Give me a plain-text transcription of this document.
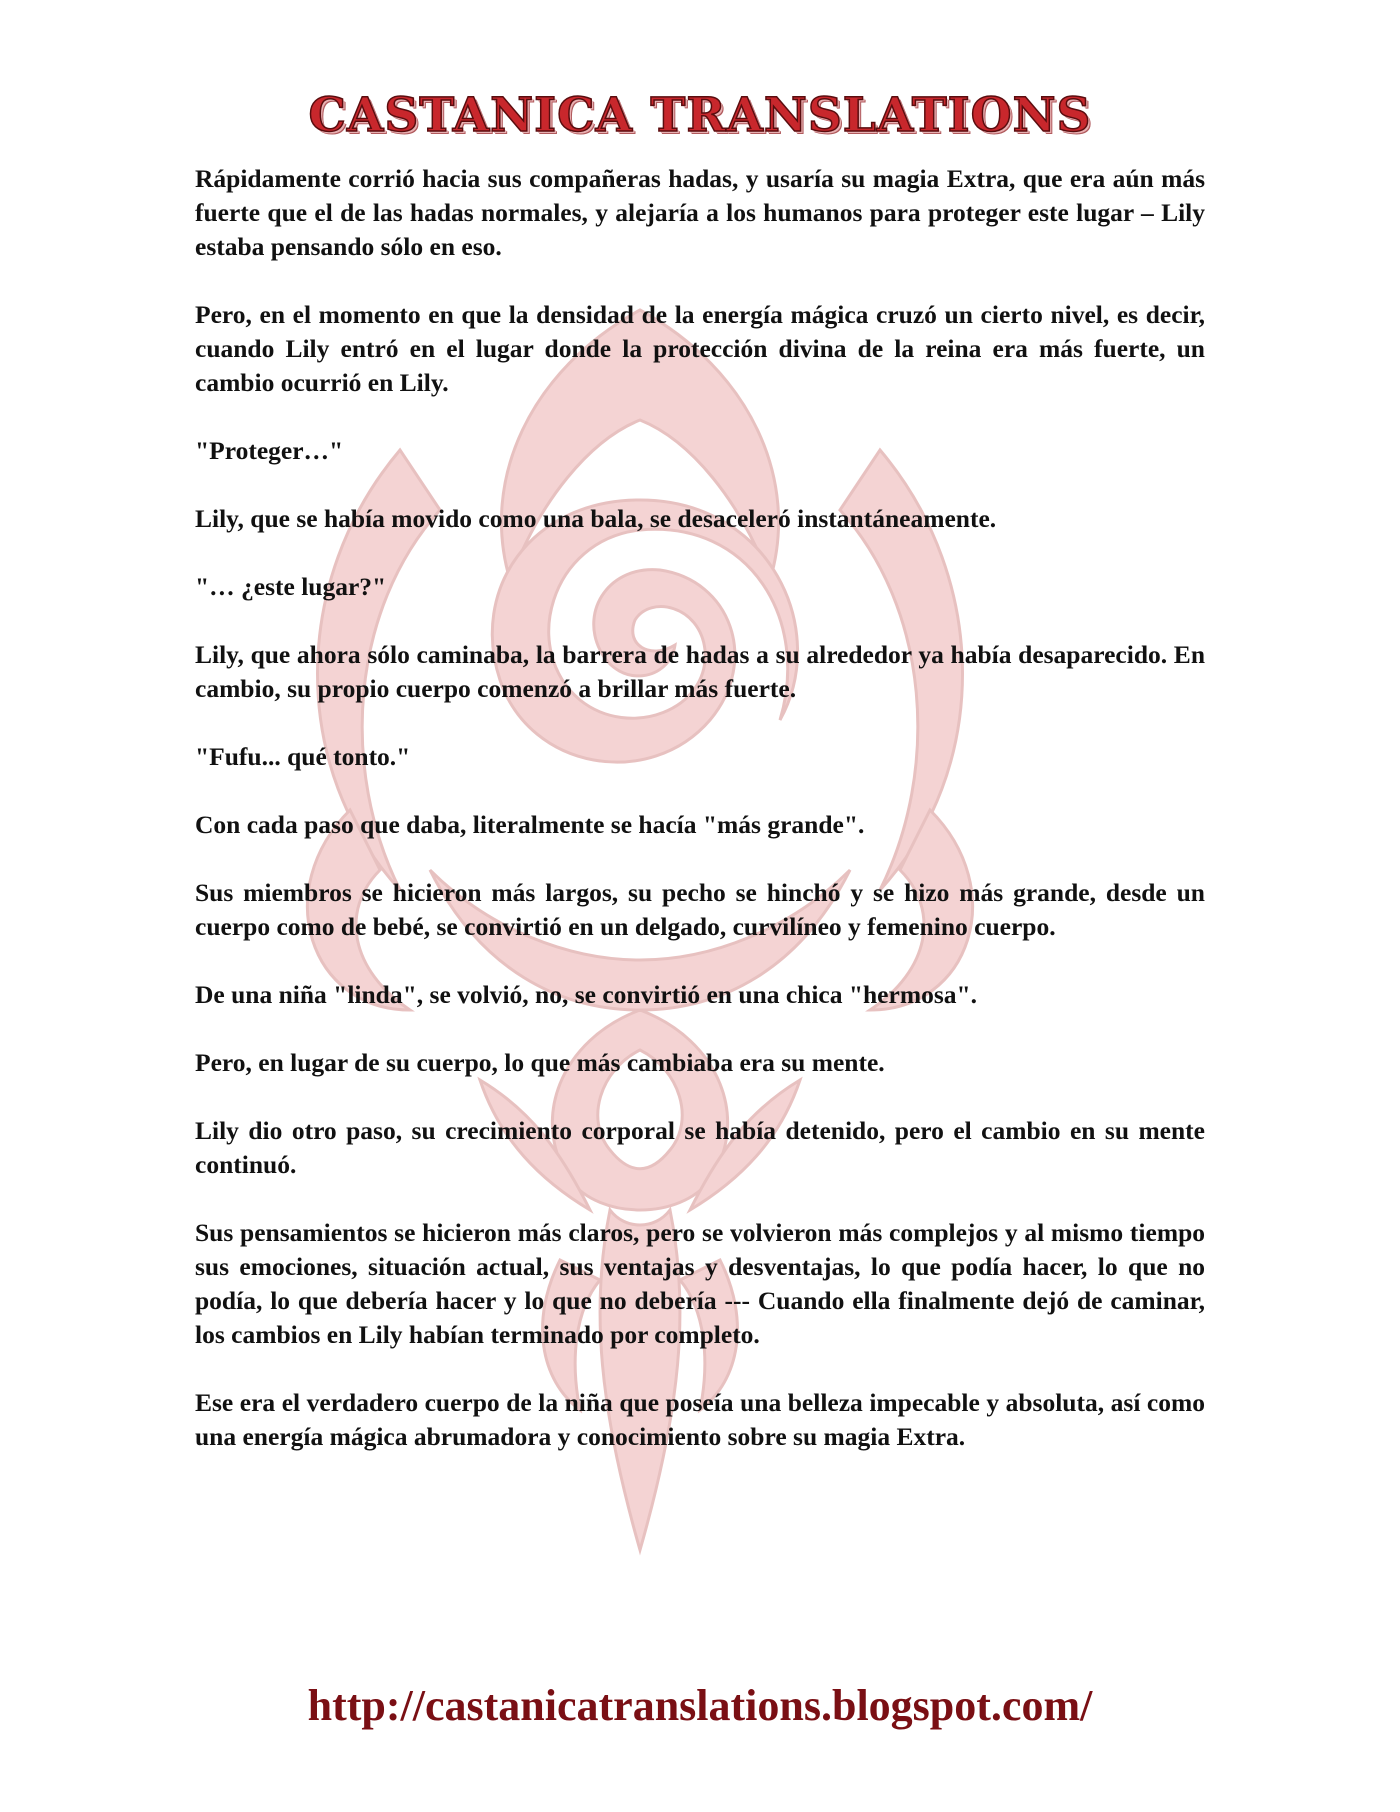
CASTANICA TRANSLATIONS

Rápidamente corrió hacia sus compañeras hadas, y usaría su magia Extra, que era aún más fuerte que el de las hadas normales, y alejaría a los humanos para proteger este lugar – Lily estaba pensando sólo en eso.

Pero, en el momento en que la densidad de la energía mágica cruzó un cierto nivel, es decir, cuando Lily entró en el lugar donde la protección divina de la reina era más fuerte, un cambio ocurrió en Lily.

"Proteger…"

Lily, que se había movido como una bala, se desaceleró instantáneamente.

"… ¿este lugar?"

Lily, que ahora sólo caminaba, la barrera de hadas a su alrededor ya había desaparecido. En cambio, su propio cuerpo comenzó a brillar más fuerte.

"Fufu... qué tonto."

Con cada paso que daba, literalmente se hacía "más grande".

Sus miembros se hicieron más largos, su pecho se hinchó y se hizo más grande, desde un cuerpo como de bebé, se convirtió en un delgado, curvilíneo y femenino cuerpo.

De una niña "linda", se volvió, no, se convirtió en una chica "hermosa".

Pero, en lugar de su cuerpo, lo que más cambiaba era su mente.

Lily dio otro paso, su crecimiento corporal se había detenido, pero el cambio en su mente continuó.

Sus pensamientos se hicieron más claros, pero se volvieron más complejos y al mismo tiempo sus emociones, situación actual, sus ventajas y desventajas, lo que podía hacer, lo que no podía, lo que debería hacer y lo que no debería --- Cuando ella finalmente dejó de caminar, los cambios en Lily habían terminado por completo.

Ese era el verdadero cuerpo de la niña que poseía una belleza impecable y absoluta, así como una energía mágica abrumadora y conocimiento sobre su magia Extra.

http://castanicatranslations.blogspot.com/
